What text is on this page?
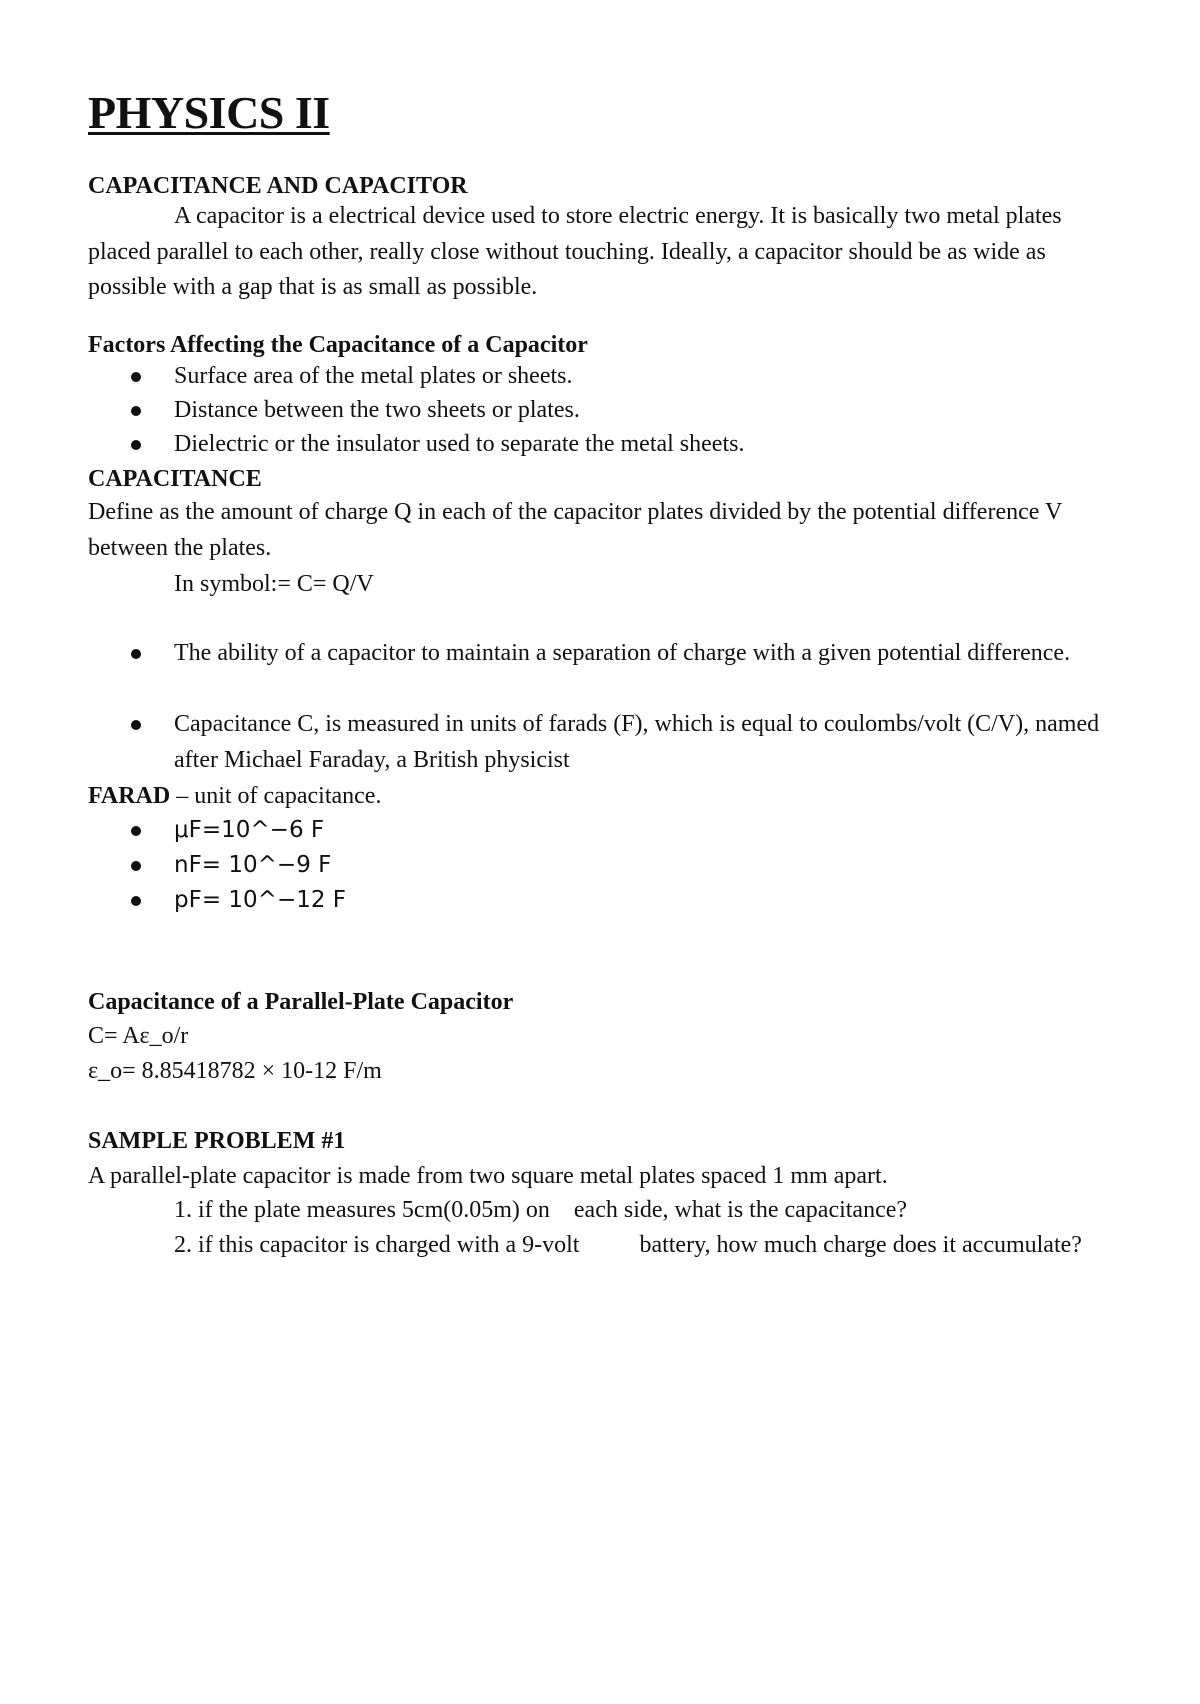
PHYSICS II
CAPACITANCE AND CAPACITOR
A capacitor is a electrical device used to store electric energy. It is basically two metal plates placed parallel to each other, really close without touching. Ideally, a capacitor should be as wide as possible with a gap that is as small as possible.
Factors Affecting the Capacitance of a Capacitor
Surface area of the metal plates or sheets.
Distance between the two sheets or plates.
Dielectric or the insulator used to separate the metal sheets.
CAPACITANCE
Define as the amount of charge Q in each of the capacitor plates divided by the potential difference V between the plates.
In symbol:= C= Q/V
The ability of a capacitor to maintain a separation of charge with a given potential difference.
Capacitance C, is measured in units of farads (F), which is equal to coulombs/volt (C/V), named after Michael Faraday, a British physicist
FARAD – unit of capacitance.
μF=10^−6 F
nF= 10^−9 F
pF= 10^−12 F
Capacitance of a Parallel-Plate Capacitor
C= Aε_o/r
ε_o= 8.854187​82 × 10-12 F/m
SAMPLE PROBLEM #1
A parallel-plate capacitor is made from two square metal plates spaced 1 mm apart.
1. if the plate measures 5cm(0.05m) on    each side, what is the capacitance?
2. if this capacitor is charged with a 9-volt          battery, how much charge does it accumulate?
